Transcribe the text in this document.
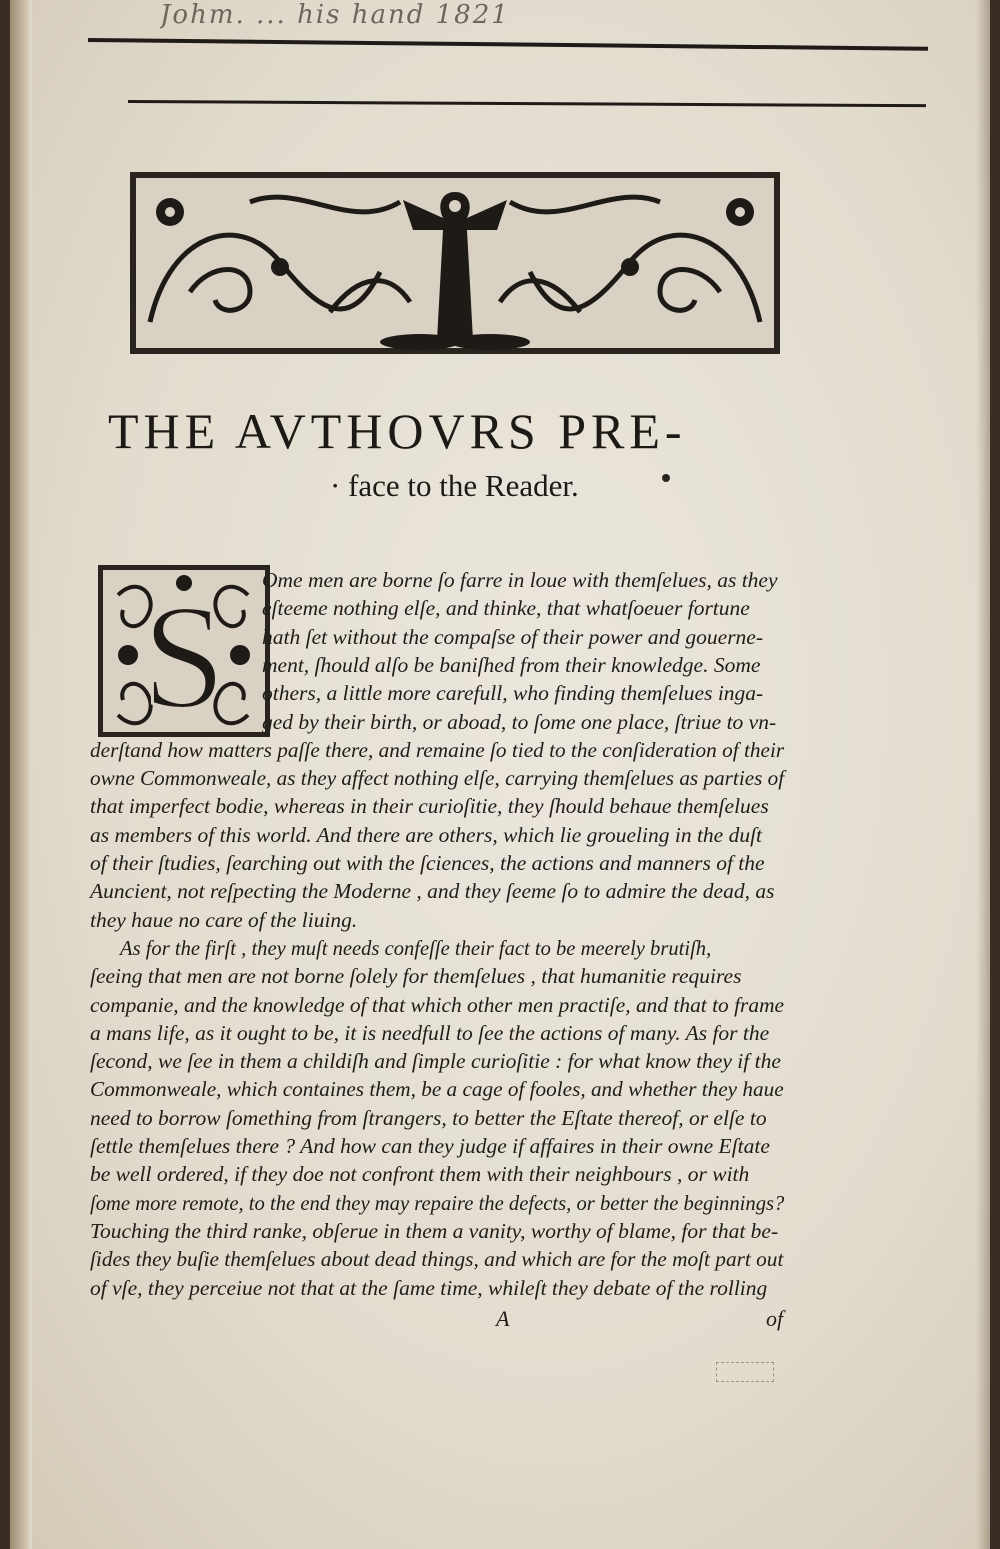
Johm. ... his hand 1821
THE AVTHOVRS PRE-
· face to the Reader.
S Ome men are borne ſo farre in loue with themſelues, as they
eſteeme nothing elſe, and thinke, that whatſoeuer fortune
hath ſet without the compaſse of their power and gouerne-
ment, ſhould alſo be baniſhed from their knowledge. Some
others, a little more carefull, who finding themſelues inga-
ged by their birth, or aboad, to ſome one place, ſtriue to vn-
derſtand how matters paſſe there, and remaine ſo tied to the conſideration of their
owne Commonweale, as they affect nothing elſe, carrying themſelues as parties of
that imperfect bodie, whereas in their curioſitie, they ſhould behaue themſelues
as members of this world. And there are others, which lie groueling in the duſt
of their ſtudies, ſearching out with the ſciences, the actions and manners of the
Auncient, not reſpecting the Moderne , and they ſeeme ſo to admire the dead, as
they haue no care of the liuing.
As for the firſt , they muſt needs confeſſe their fact to be meerely brutiſh,
ſeeing that men are not borne ſolely for themſelues , that humanitie requires
companie, and the knowledge of that which other men practiſe, and that to frame
a mans life, as it ought to be, it is needfull to ſee the actions of many. As for the
ſecond, we ſee in them a childiſh and ſimple curioſitie : for what know they if the
Commonweale, which containes them, be a cage of fooles, and whether they haue
need to borrow ſomething from ſtrangers, to better the Eſtate thereof, or elſe to
ſettle themſelues there ? And how can they judge if affaires in their owne Eſtate
be well ordered, if they doe not confront them with their neighbours , or with
ſome more remote, to the end they may repaire the defects, or better the beginnings?
Touching the third ranke, obſerue in them a vanity, worthy of blame, for that be-
ſides they buſie themſelues about dead things, and which are for the moſt part out
of vſe, they perceiue not that at the ſame time, whileſt they debate of the rolling
A	of
